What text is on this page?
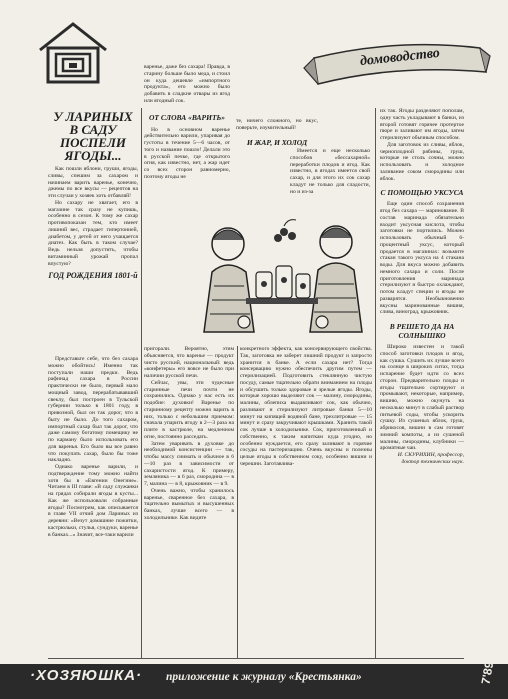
домоводство
У ЛАРИНЫХ В САДУ ПОСПЕЛИ ЯГОДЫ...

Как пошли яблони, груши, ягоды, сливы, спешим за сахаром и начинаем варить варенье, конечно, джемы по все вкусы — рецептов на эти случаи у хозяек хоть отбавляй!

Но сахару не хватает, его в магазине так сразу не купишь, особенно в сезон. К тому же сахар противопоказан тем, кто имеет лишний вес, страдает гипертонией, диабетом, у детей от него учащается диатез. Как быть в таком случае? Ведь нельзя допустить, чтобы витаминный урожай пропал впустую?

ГОД РОЖДЕНИЯ 1801-й

варенье, даже без сахара! Правда, в старину больше было меда, и стоил он куда дешевле «импортного продукта», его можно было добавить в сладкие отвары из ягод или ягодный сок.

ОТ СЛОВА «ВАРИТЬ»

Но в основном варенье действительно варили, упаривая до густоты в течение 5—6 часов, от того и название пошло! Делали это в русской печке, где открытого огня, как известно, нет, а жар идет со всех сторон равномерно, поэтому ягоды не

те, ничего сложного, но вкус, поверьте, изумительный!

И ЖАР, И ХОЛОД

Имеется и еще несколько способов «бессахарной» переработки плодов и ягод. Как известно, в ягодах имеется свой сахар, и для этого их сок сахар кладут не только для сладости, но и из-за

их так. Ягоды разделяют пополам, одну часть укладывают в банки, из второй готовят горячее протертое пюре и заливают им ягоды, затем стерилизуют обычным способом.

Для заготовок из сливы, яблок, черноплодной рябины, груш, которые не столь сочны, можно использовать и холодное заливание соком смородины или яблок.

С ПОМОЩЬЮ УКСУСА

Еще один способ сохранения ягод без сахара — маринование. В состав маринада обязательно входит уксусная кислота, чтобы заготовки не портились. Можно использовать обычный 6-процентный уксус, который продается в магазинах: возьмите стакан такого уксуса на 4 стакана воды. Для вкуса можно добавить немного сахара и соли. После приготовления маринада стерилизуют и быстро охлаждают, потом кладут специи и ягоды не разварятся. Необыкновенно вкусны маринованные вишня, слива, виноград, крыжовник.

В РЕШЕТО ДА НА СОЛНЫШКО

Широко известен и такой способ заготовки плодов и ягод, как сушка. Сушить их лучше всего на солнце в широких ситах, тогда испарение будет идти со всех сторон. Предварительно плоды и ягоды тщательно сортируют и промывают, некоторые, например, вишню, можно окунуть на несколько минут в слабый раствор питьевой соды, чтобы ускорить сушку. Из сушеных яблок, груш, абрикосов, вишни в сам готовят зимний компоты, а из сушеной малины, смородины, клубники — ароматные чаи.

И. СКУРИХИН, профессор, доктор технических наук.

Представьте себе, что без сахара можно обойтись! Именно так поступали наши предки. Ведь рафинад сахара в России практически не было, первый мало мощный завод, перерабатывавший свеклу, был построен в Тульской губернии только в 1801 году, в привозной, был он так дорог, что в быту не было. До того сахаром, импортный сахар был так дорог, что даже самому богатому помещику не по карману было использовать его для варенья. Его было вы все равно что покупать сахар, было бы тоже накладно.

Однако варенье варили, и подтверждение тому можно найти хотя бы в «Евгении Онегине». Читаем в III главе: «В саду служанки на грядах собирали ягоды в кусты... Как же использовали собранные ягоды? Посмотрим, как описывается в главе VII отчий дом Лариных из деревни: «Везут домашние пожитки, кастрюльки, стулья, сундуки, варенье в банках...» Значит, все-таки варили

пригорали. Вероятно, этим объясняется, что варенье — продукт чисто русский, национальный: ведь «конфетеры» его вовсе не было при наличии русской печи.

Сейчас, увы, эти чудесные старинные печи почти не сохранились. Однако у нас есть их подобие: духовки! Варенье по старинному рецепту можно варить в них, только с небольшим приемом: сначала упарить ягоду в 2—3 раза на плите в кастрюле, на медленном огне, постоянно расседать.

Затем уваривать в духовке до необходимой консистенции — так, чтобы массу снимать и обычное в 6—10 раз в зависимости от сахаристости ягод. К примеру, земляника — в 6 раз, смородина — в 7, малина — в 8, крыжовник — в 9.

Очень важно, чтобы хранилось варенье, сваренное без сахара, в тщательно вымытых и высушенных банках, лучше всего — в холодильнике. Как видите

конкретного эффекта, как консервирующего свойства. Так, заготовка не заберет лишний продукт и запросто хранится в банке. А если сахара нет? Тогда консервацию нужно обеспечить другим путем — стерилизацией. Подготовить стеклянную чистую посуду, самые тщательно обрати вниманием на плоды и обсушить только здоровые и зрелые ягоды. Ягоды, которые хорошо выделяют сок — малину, смородины, малины, облепиха выдавливают сок, как обычно, разливают и стерилизуют литровые банки 5—10 минут на кипящей водяной бане, трехлитровые — 15 минут и сразу закручивают крышками. Хранить такой сок лучше в холодильнике. Сок, приготовленный и собственно, к таким напиткам куда угодно, но особенно нуждается, его сразу заливают в горячие сосуды на пастеризацию. Очень вкусны и полезны целые ягоды в собственном соку, особенно вишни и черешни. Заготавлива-

·ХОЗЯЮШКА· приложение к журналу «Крестьянка»	7'89
